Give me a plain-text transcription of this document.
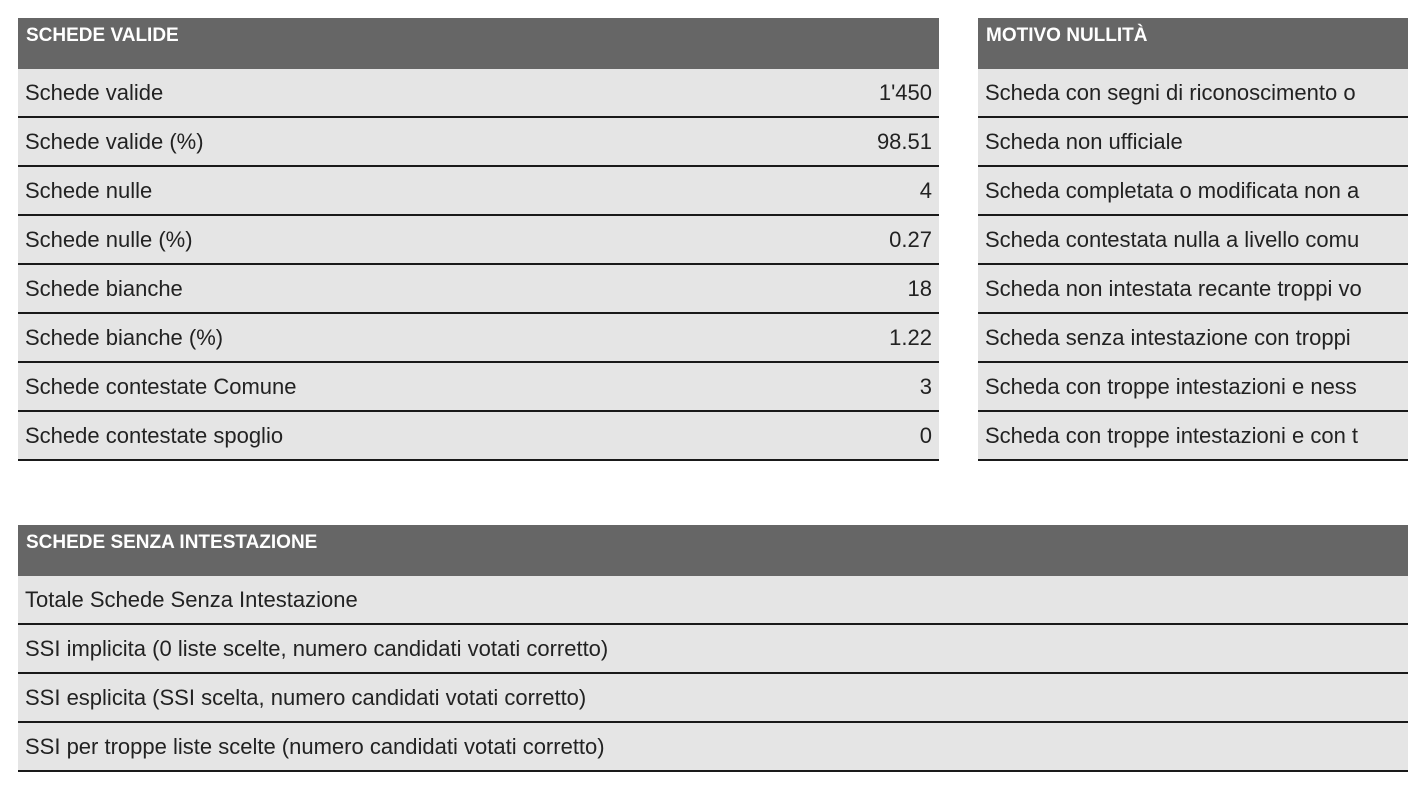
SCHEDE VALIDE
Schede valide	1'450
Schede valide (%)	98.51
Schede nulle	4
Schede nulle (%)	0.27
Schede bianche	18
Schede bianche (%)	1.22
Schede contestate Comune	3
Schede contestate spoglio	0
MOTIVO NULLITÀ
Scheda con segni di riconoscimento o
Scheda non ufficiale
Scheda completata o modificata non a
Scheda contestata nulla a livello comu
Scheda non intestata recante troppi vo
Scheda senza intestazione con troppi
Scheda con troppe intestazioni e ness
Scheda con troppe intestazioni e con t
SCHEDE SENZA INTESTAZIONE
Totale Schede Senza Intestazione
SSI implicita (0 liste scelte, numero candidati votati corretto)
SSI esplicita (SSI scelta, numero candidati votati corretto)
SSI per troppe liste scelte (numero candidati votati corretto)
